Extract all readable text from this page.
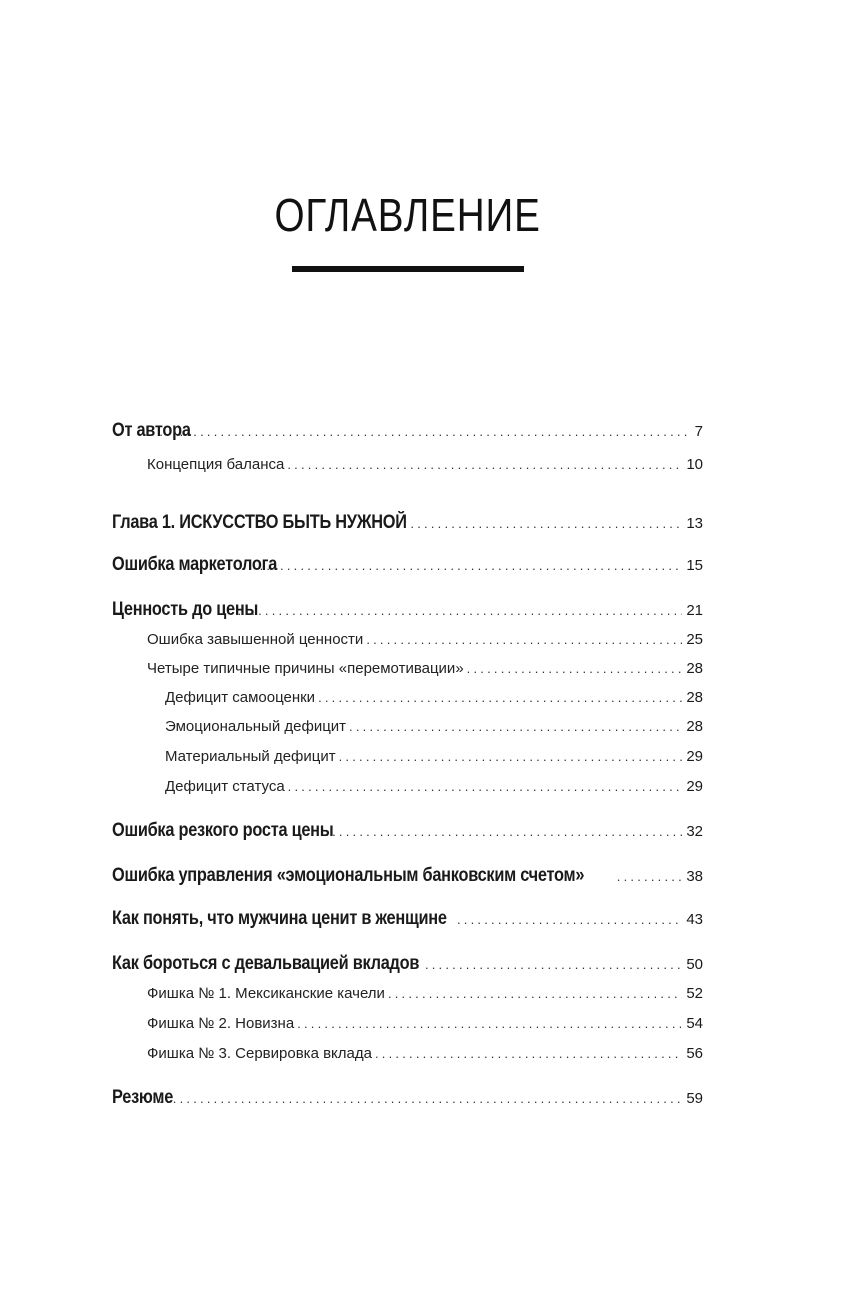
ОГЛАВЛЕНИЕ
От автора .....	7
Концепция баланса .....	10
Глава 1. ИСКУССТВО БЫТЬ НУЖНОЙ .....	13
Ошибка маркетолога .....	15
Ценность до цены .....	21
Ошибка завышенной ценности .....	25
Четыре типичные причины «перемотивации» .....	28
Дефицит самооценки .....	28
Эмоциональный дефицит .....	28
Материальный дефицит .....	29
Дефицит статуса .....	29
Ошибка резкого роста цены .....	32
Ошибка управления «эмоциональным банковским счетом» .....	38
Как понять, что мужчина ценит в женщине .....	43
Как бороться с девальвацией вкладов .....	50
Фишка № 1. Мексиканские качели .....	52
Фишка № 2. Новизна .....	54
Фишка № 3. Сервировка вклада .....	56
Резюме .....	59
